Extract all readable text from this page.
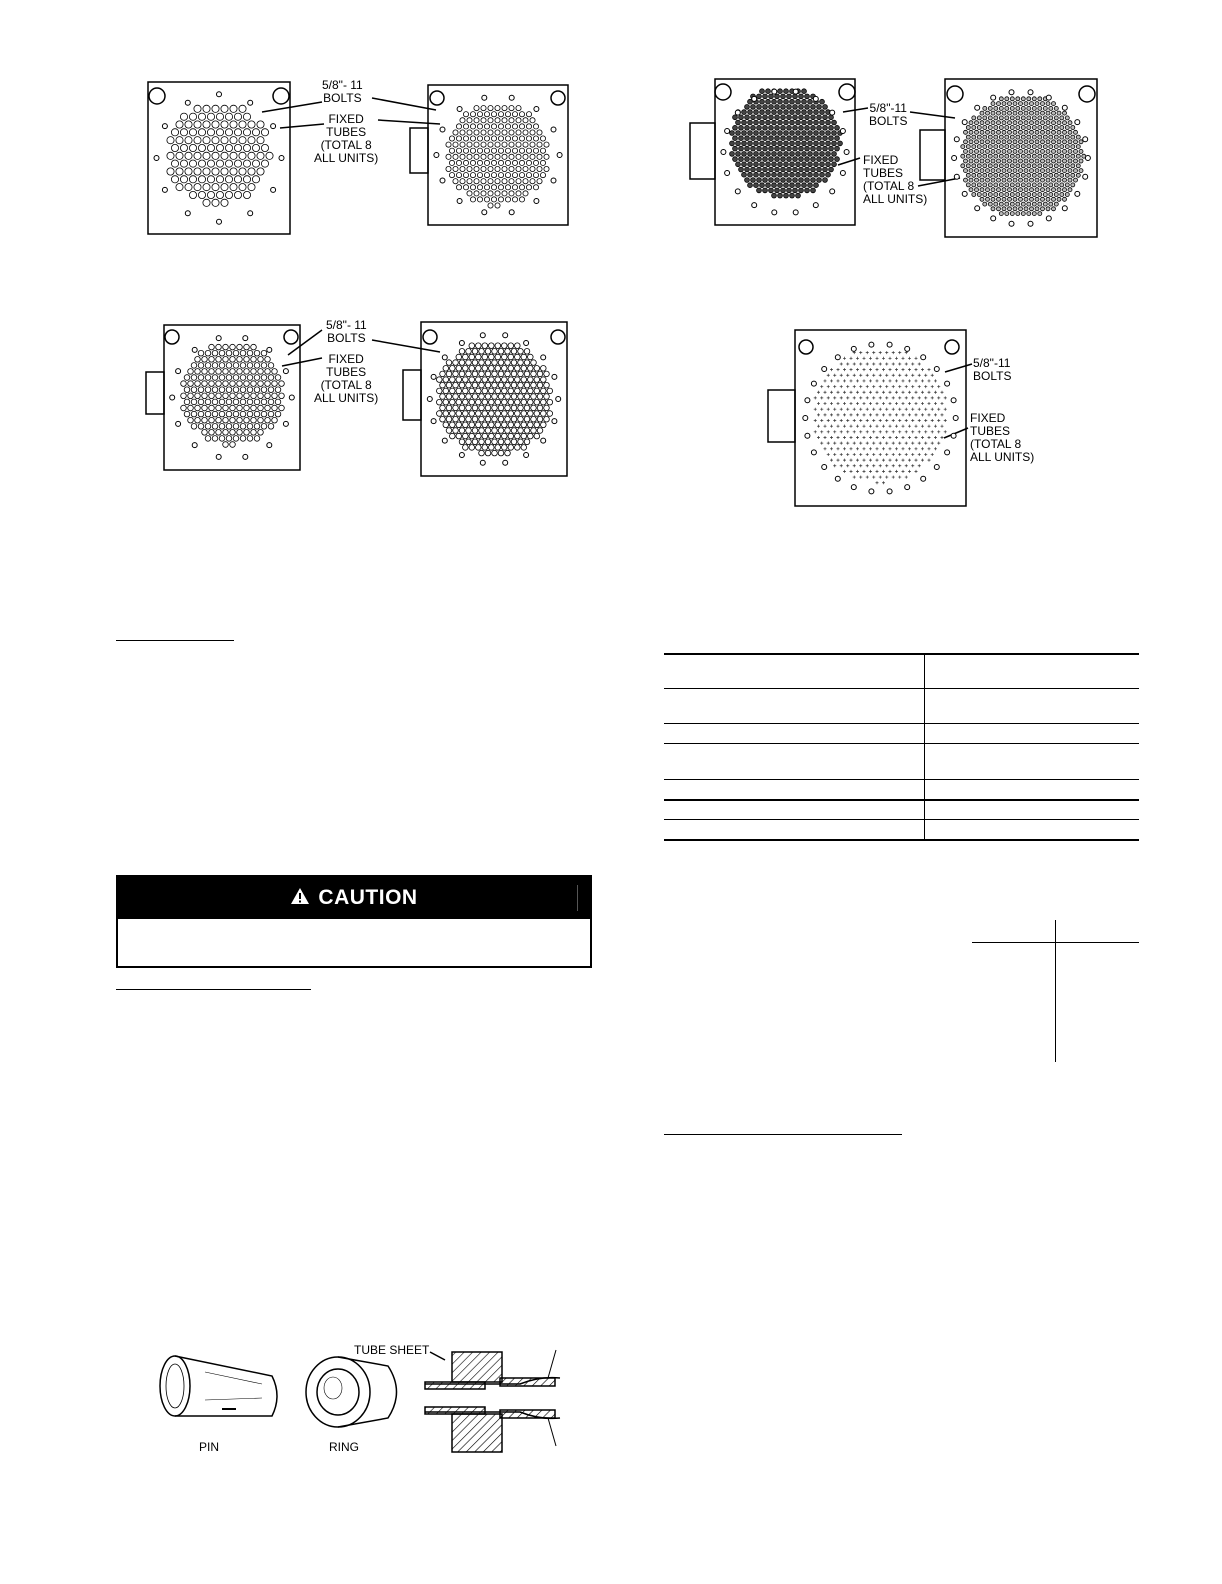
5/8"- 11
BOLTS
FIXED
TUBES
(TOTAL 8
ALL UNITS)
5/8"-11
BOLTS
FIXED
TUBES
(TOTAL 8
ALL UNITS)
5/8"- 11
BOLTS
FIXED
TUBES
(TOTAL 8
ALL UNITS)
5/8"-11
BOLTS
FIXED
TUBES
(TOTAL 8
ALL UNITS)
CAUTION
TUBE SHEET
PIN	RING
